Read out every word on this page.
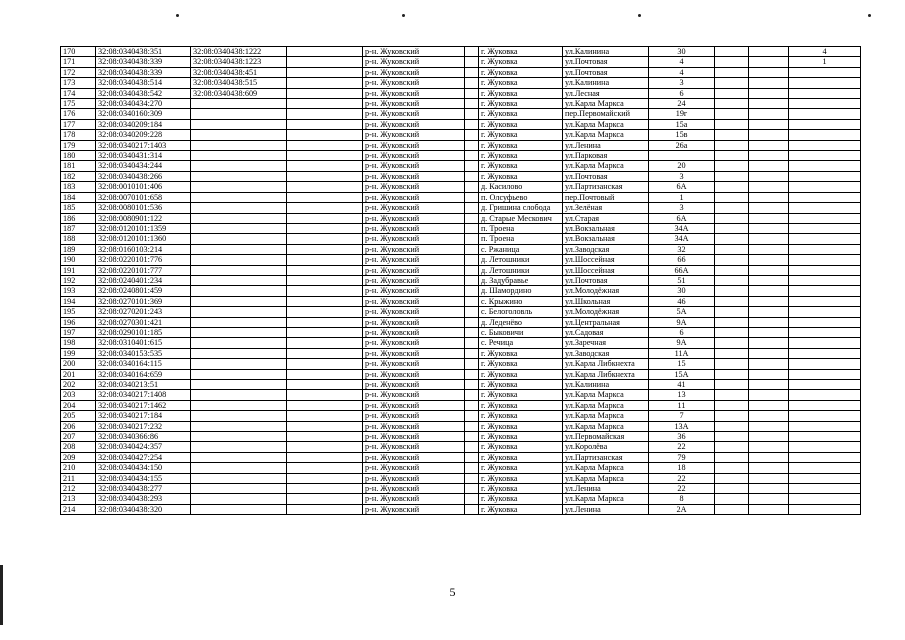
170	32:08:0340438:351	32:08:0340438:1222		р-н. Жуковский		г. Жуковка	ул.Калинина	30			4
171	32:08:0340438:339	32:08:0340438:1223		р-н. Жуковский		г. Жуковка	ул.Почтовая	4			1
172	32:08:0340438:339	32:08:0340438:451		р-н. Жуковский		г. Жуковка	ул.Почтовая	4			
173	32:08:0340438:514	32:08:0340438:515		р-н. Жуковский		г. Жуковка	ул.Калинина	3			
174	32:08:0340438:542	32:08:0340438:609		р-н. Жуковский		г. Жуковка	ул.Лесная	6			
175	32:08:0340434:270			р-н. Жуковский		г. Жуковка	ул.Карла Маркса	24			
176	32:08:0340160:309			р-н. Жуковский		г. Жуковка	пер.Первомайский	19г			
177	32:08:0340209:184			р-н. Жуковский		г. Жуковка	ул.Карла Маркса	15а			
178	32:08:0340209:228			р-н. Жуковский		г. Жуковка	ул.Карла Маркса	15в			
179	32:08:0340217:1403			р-н. Жуковский		г. Жуковка	ул.Ленина	26а			
180	32:08:0340431:314			р-н. Жуковский		г. Жуковка	ул.Парковая				
181	32:08:0340434:244			р-н. Жуковский		г. Жуковка	ул.Карла Маркса	20			
182	32:08:0340438:266			р-н. Жуковский		г. Жуковка	ул.Почтовая	3			
183	32:08:0010101:406			р-н. Жуковский		д. Касилово	ул.Партизанская	6А			
184	32:08:0070101:658			р-н. Жуковский		п. Олсуфьево	пер.Почтовый	1			
185	32:08:0080101:536			р-н. Жуковский		д. Гришина слобода	ул.Зелёная	3			
186	32:08:0080901:122			р-н. Жуковский		д. Старые Мескович	ул.Старая	6А			
187	32:08:0120101:1359			р-н. Жуковский		п. Троена	ул.Вокзальная	34А			
188	32:08:0120101:1360			р-н. Жуковский		п. Троена	ул.Вокзальная	34А			
189	32:08:0160103:214			р-н. Жуковский		с. Ржаница	ул.Заводская	32			
190	32:08:0220101:776			р-н. Жуковский		д. Летошники	ул.Шоссейная	66			
191	32:08:0220101:777			р-н. Жуковский		д. Летошники	ул.Шоссейная	66А			
192	32:08:0240401:234			р-н. Жуковский		д. Задубравье	ул.Почтовая	51			
193	32:08:0240801:459			р-н. Жуковский		д. Шамордино	ул.Молодёжная	30			
194	32:08:0270101:369			р-н. Жуковский		с. Крыжино	ул.Школьная	46			
195	32:08:0270201:243			р-н. Жуковский		с. Белоголовль	ул.Молодёжная	5А			
196	32:08:0270301:421			р-н. Жуковский		д. Леденёво	ул.Центральная	9А			
197	32:08:0290101:185			р-н. Жуковский		с. Быковичи	ул.Садовая	6			
198	32:08:0310401:615			р-н. Жуковский		с. Речица	ул.Заречная	9А			
199	32:08:0340153:535			р-н. Жуковский		г. Жуковка	ул.Заводская	11А			
200	32:08:0340164:115			р-н. Жуковский		г. Жуковка	ул.Карла Либкнехта	15			
201	32:08:0340164:659			р-н. Жуковский		г. Жуковка	ул.Карла Либкнехта	15А			
202	32:08:0340213:51			р-н. Жуковский		г. Жуковка	ул.Калинина	41			
203	32:08:0340217:1408			р-н. Жуковский		г. Жуковка	ул.Карла Маркса	13			
204	32:08:0340217:1462			р-н. Жуковский		г. Жуковка	ул.Карла Маркса	11			
205	32:08:0340217:184			р-н. Жуковский		г. Жуковка	ул.Карла Маркса	7			
206	32:08:0340217:232			р-н. Жуковский		г. Жуковка	ул.Карла Маркса	13А			
207	32:08:0340366:86			р-н. Жуковский		г. Жуковка	ул.Первомайская	36			
208	32:08:0340424:357			р-н. Жуковский		г. Жуковка	ул.Королёва	22			
209	32:08:0340427:254			р-н. Жуковский		г. Жуковка	ул.Партизанская	79			
210	32:08:0340434:150			р-н. Жуковский		г. Жуковка	ул.Карла Маркса	18			
211	32:08:0340434:155			р-н. Жуковский		г. Жуковка	ул.Карла Маркса	22			
212	32:08:0340438:277			р-н. Жуковский		г. Жуковка	ул.Ленина	22			
213	32:08:0340438:293			р-н. Жуковский		г. Жуковка	ул.Карла Маркса	8			
214	32:08:0340438:320			р-н. Жуковский		г. Жуковка	ул.Ленина	2А			
5
